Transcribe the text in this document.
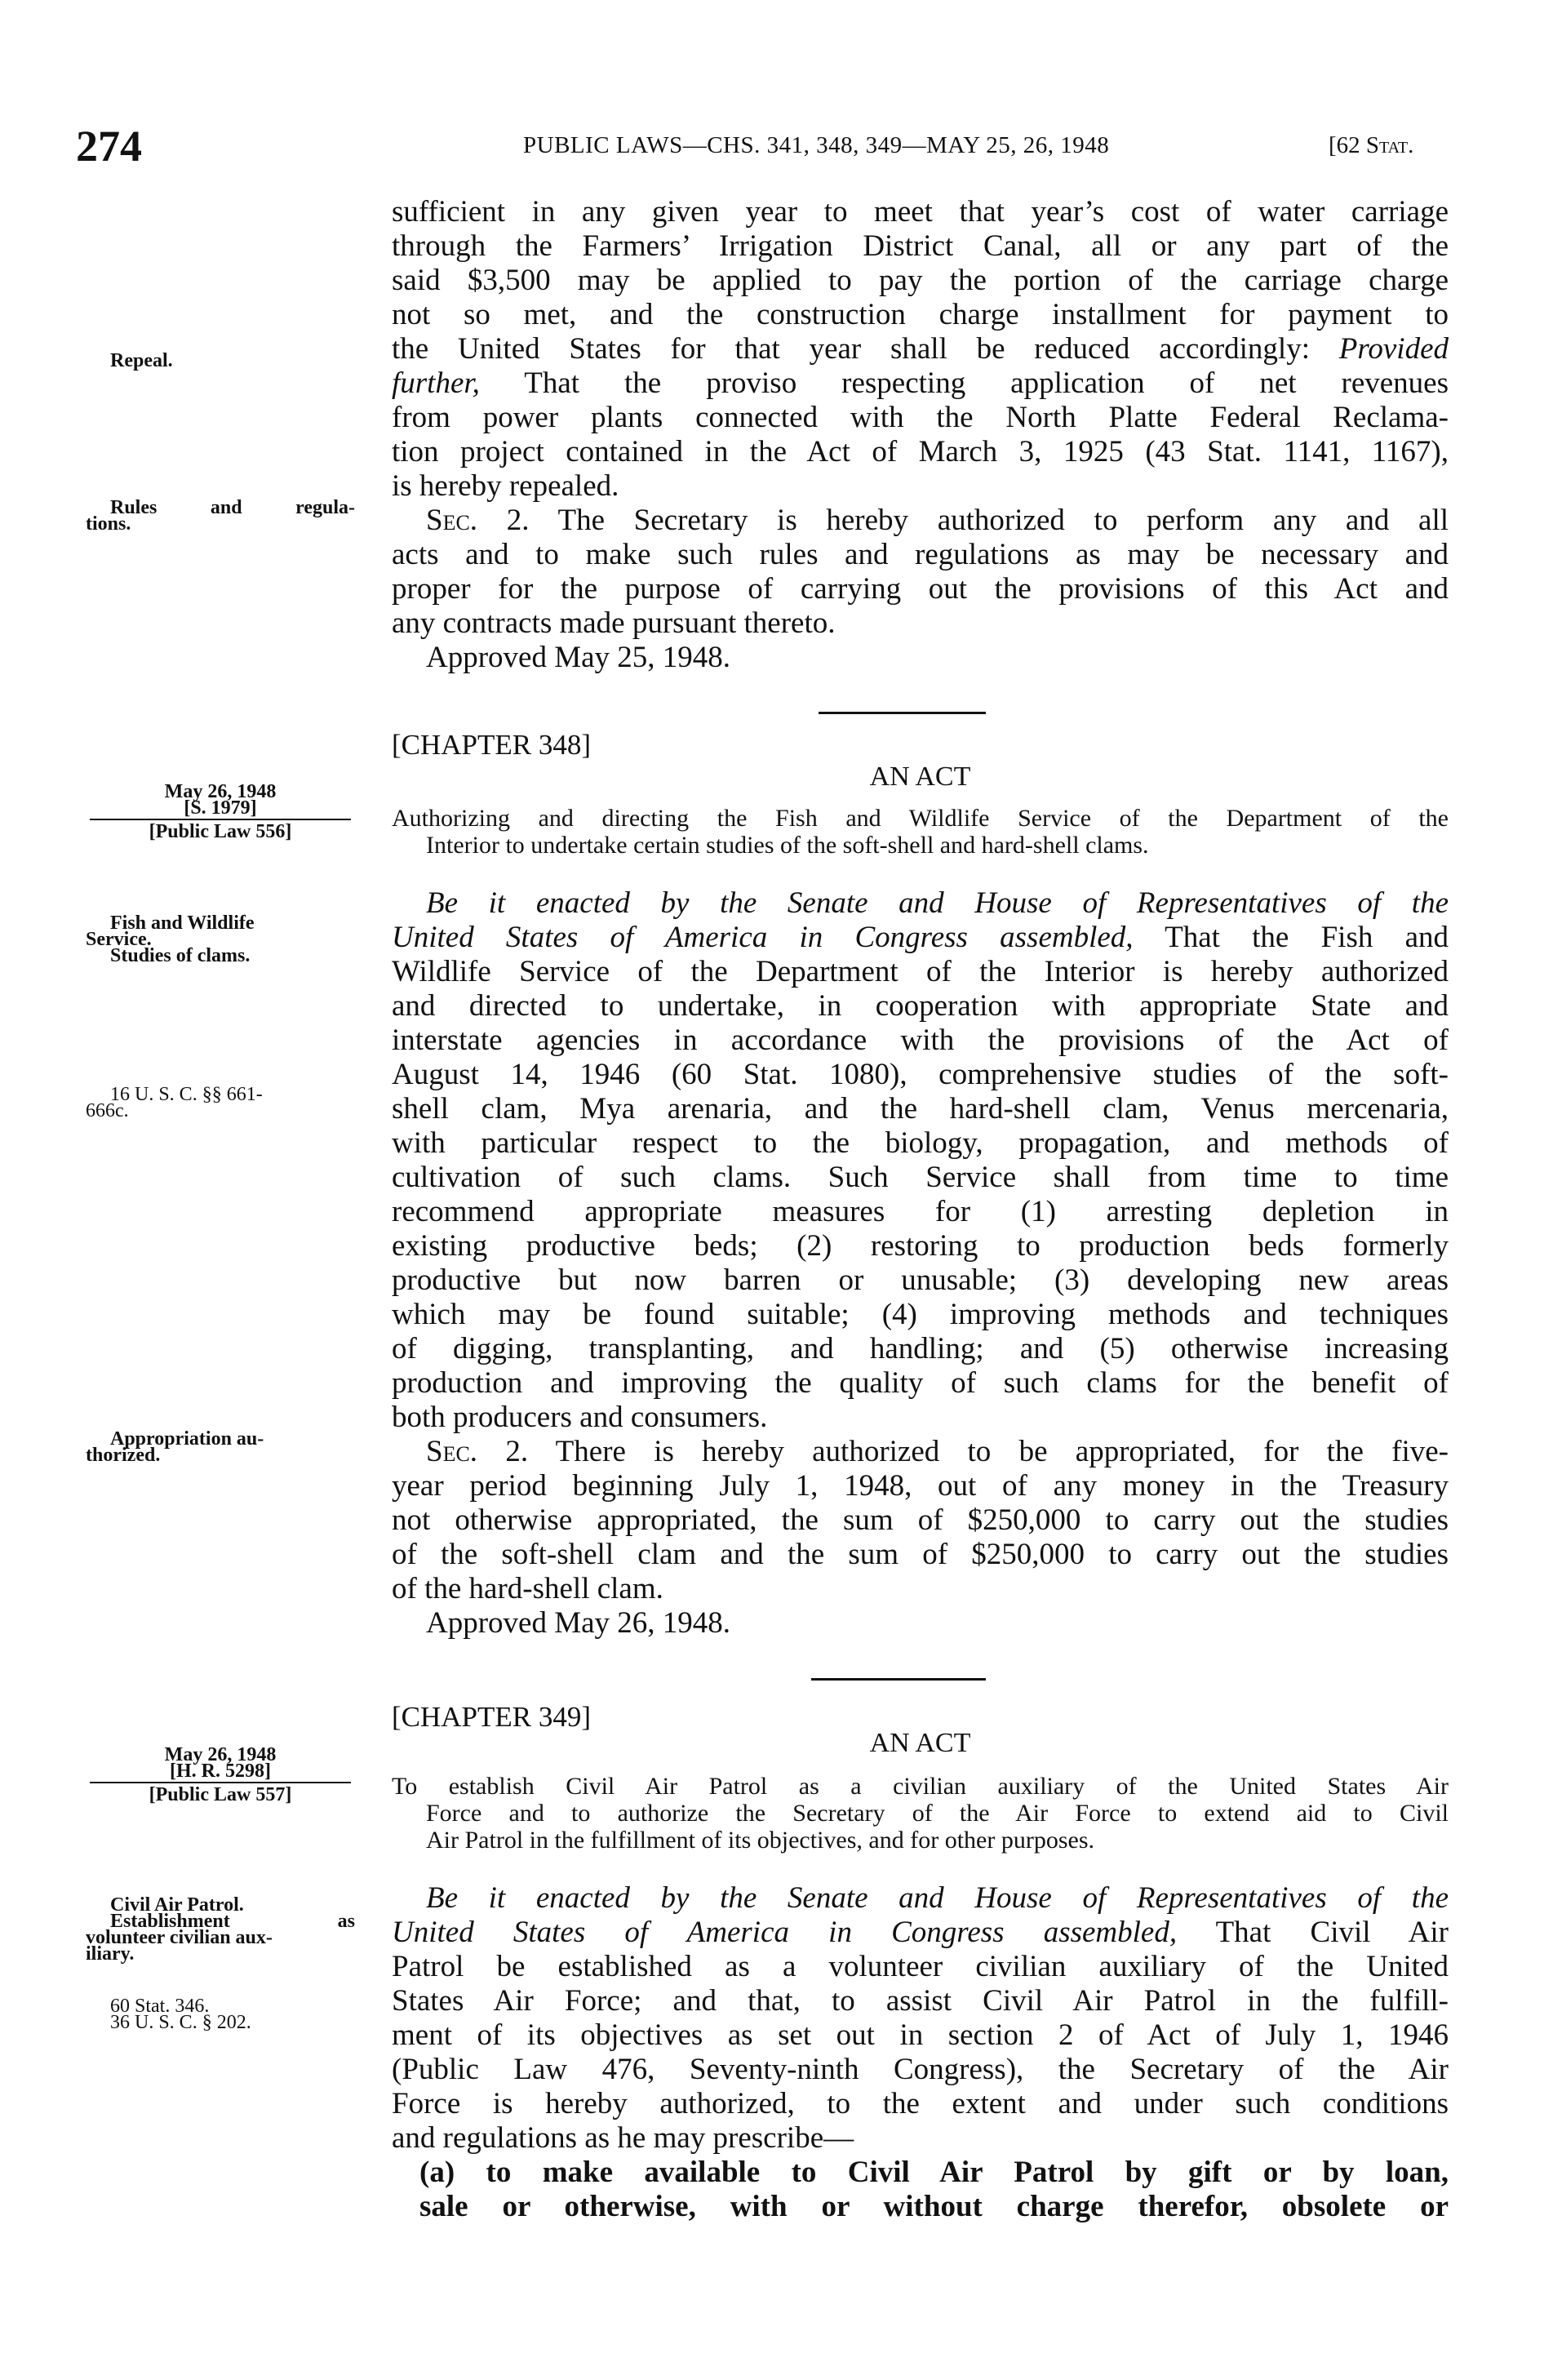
274	PUBLIC LAWS—CHS. 341, 348, 349—MAY 25, 26, 1948	[62 Stat.
sufficient in any given year to meet that year’s cost of water carriage
through the Farmers’ Irrigation District Canal, all or any part of the
said $3,500 may be applied to pay the portion of the carriage charge
not so met, and the construction charge installment for payment to
the United States for that year shall be reduced accordingly: Provided
further, That the proviso respecting application of net revenues
from power plants connected with the North Platte Federal Reclama-
tion project contained in the Act of March 3, 1925 (43 Stat. 1141, 1167),
is hereby repealed.
Sec. 2. The Secretary is hereby authorized to perform any and all
acts and to make such rules and regulations as may be necessary and
proper for the purpose of carrying out the provisions of this Act and
any contracts made pursuant thereto.
Approved May 25, 1948.
Repeal.
Rules and regula-
tions.
[CHAPTER 348]
AN ACT
Authorizing and directing the Fish and Wildlife Service of the Department of the
Interior to undertake certain studies of the soft-shell and hard-shell clams.
May 26, 1948
[S. 1979]
[Public Law 556]
Be it enacted by the Senate and House of Representatives of the
United States of America in Congress assembled, That the Fish and
Wildlife Service of the Department of the Interior is hereby authorized
and directed to undertake, in cooperation with appropriate State and
interstate agencies in accordance with the provisions of the Act of
August 14, 1946 (60 Stat. 1080), comprehensive studies of the soft-
shell clam, Mya arenaria, and the hard-shell clam, Venus mercenaria,
with particular respect to the biology, propagation, and methods of
cultivation of such clams. Such Service shall from time to time
recommend appropriate measures for (1) arresting depletion in
existing productive beds; (2) restoring to production beds formerly
productive but now barren or unusable; (3) developing new areas
which may be found suitable; (4) improving methods and techniques
of digging, transplanting, and handling; and (5) otherwise increasing
production and improving the quality of such clams for the benefit of
both producers and consumers.
Sec. 2. There is hereby authorized to be appropriated, for the five-
year period beginning July 1, 1948, out of any money in the Treasury
not otherwise appropriated, the sum of $250,000 to carry out the studies
of the soft-shell clam and the sum of $250,000 to carry out the studies
of the hard-shell clam.
Approved May 26, 1948.
Fish and Wildlife
Service.
Studies of clams.
16 U. S. C. §§ 661-
666c.
Appropriation au-
thorized.
[CHAPTER 349]
AN ACT
To establish Civil Air Patrol as a civilian auxiliary of the United States Air
Force and to authorize the Secretary of the Air Force to extend aid to Civil
Air Patrol in the fulfillment of its objectives, and for other purposes.
May 26, 1948
[H. R. 5298]
[Public Law 557]
Be it enacted by the Senate and House of Representatives of the
United States of America in Congress assembled, That Civil Air
Patrol be established as a volunteer civilian auxiliary of the United
States Air Force; and that, to assist Civil Air Patrol in the fulfill-
ment of its objectives as set out in section 2 of Act of July 1, 1946
(Public Law 476, Seventy-ninth Congress), the Secretary of the Air
Force is hereby authorized, to the extent and under such conditions
and regulations as he may prescribe—
(a) to make available to Civil Air Patrol by gift or by loan,
sale or otherwise, with or without charge therefor, obsolete or
Civil Air Patrol.
Establishment as
volunteer civilian aux-
iliary.
60 Stat. 346.
36 U. S. C. § 202.
